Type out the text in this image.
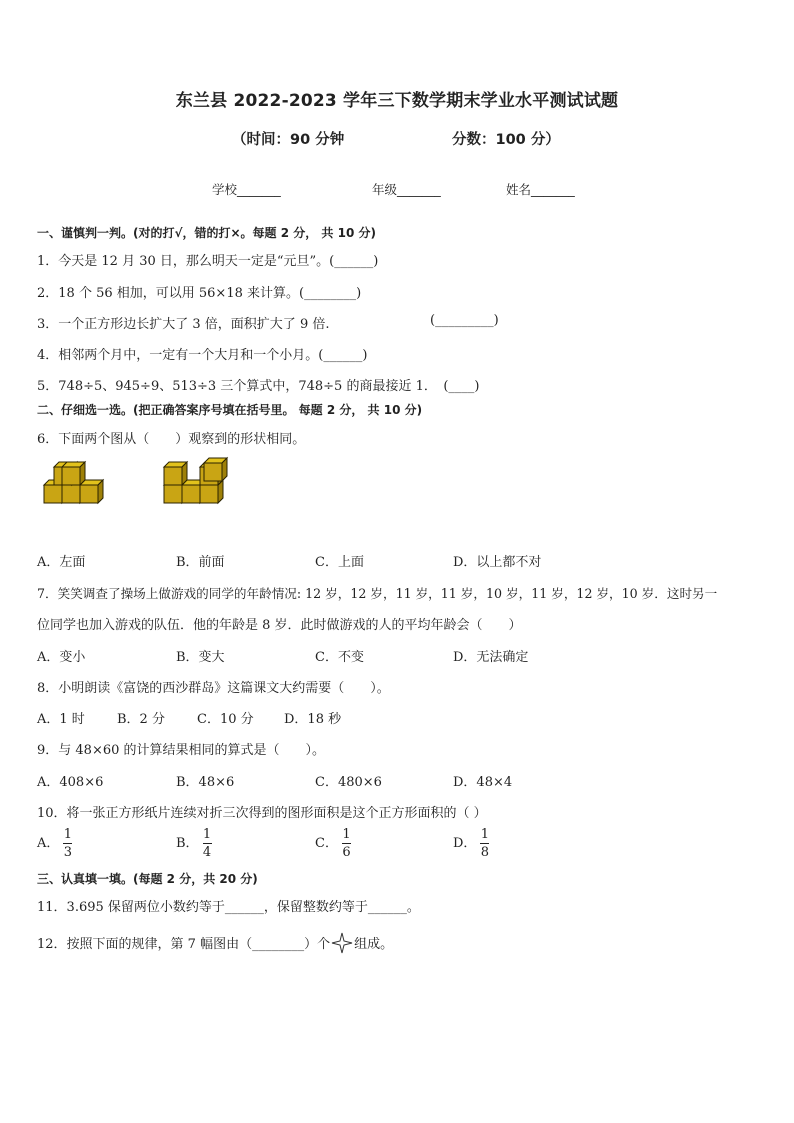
东兰县 2022-2023 学年三下数学期末学业水平测试试题
（时间：90 分钟	分数：100 分）
学校_______	年级_______	姓名_______
一、谨慎判一判。(对的打√，错的打×。每题 2 分， 共 10 分)
1．今天是 12 月 30 日，那么明天一定是“元旦”。(______)
2．18 个 56 相加，可以用 56×18 来计算。(________)
3．一个正方形边长扩大了 3 倍，面积扩大了 9 倍.	(_________)
4．相邻两个月中，一定有一个大月和一个小月。(______)
5．748÷5、945÷9、513÷3 三个算式中，748÷5 的商最接近 1．　(____)
二、仔细选一选。(把正确答案序号填在括号里。 每题 2 分， 共 10 分)
6．下面两个图从（　　）观察到的形状相同。
A．左面	B．前面	C．上面	D．以上都不对
7．笑笑调查了操场上做游戏的同学的年龄情况: 12 岁，12 岁，11 岁，11 岁，10 岁，11 岁，12 岁，10 岁．这时另一
位同学也加入游戏的队伍．他的年龄是 8 岁．此时做游戏的人的平均年龄会（　　）
A．变小	B．变大	C．不变	D．无法确定
8．小明朗读《富饶的西沙群岛》这篇课文大约需要（　　）。
A．1 时 B．2 分 C．10 分 D．18 秒
9．与 48×60 的计算结果相同的算式是（　　）。
A．408×6	B．48×6	C．480×6	D．48×4
10．将一张正方形纸片连续对折三次得到的图形面积是这个正方形面积的（ ）
A． $\frac{1}{3}$	B． $\frac{1}{4}$	C． $\frac{1}{6}$	D． $\frac{1}{8}$
三、认真填一填。(每题 2 分，共 20 分)
11．3.695 保留两位小数约等于______，保留整数约等于______。
12．按照下面的规律，第 7 幅图由（________）个 组成。
